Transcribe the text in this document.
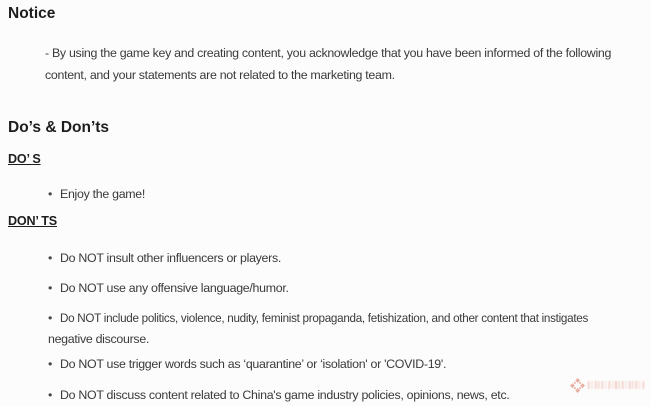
Notice
- By using the game key and creating content, you acknowledge that you have been informed of the following
content, and your statements are not related to the marketing team.
Do’s & Don’ts
DO’ S
• Enjoy the game!
DON’ TS
• Do NOT insult other influencers or players.
• Do NOT use any offensive language/humor.
• Do NOT include politics, violence, nudity, feminist propaganda, fetishization, and other content that instigates
negative discourse.
• Do NOT use trigger words such as ‘quarantine’ or ‘isolation' or 'COVID-19'.
• Do NOT discuss content related to China's game industry policies, opinions, news, etc.
